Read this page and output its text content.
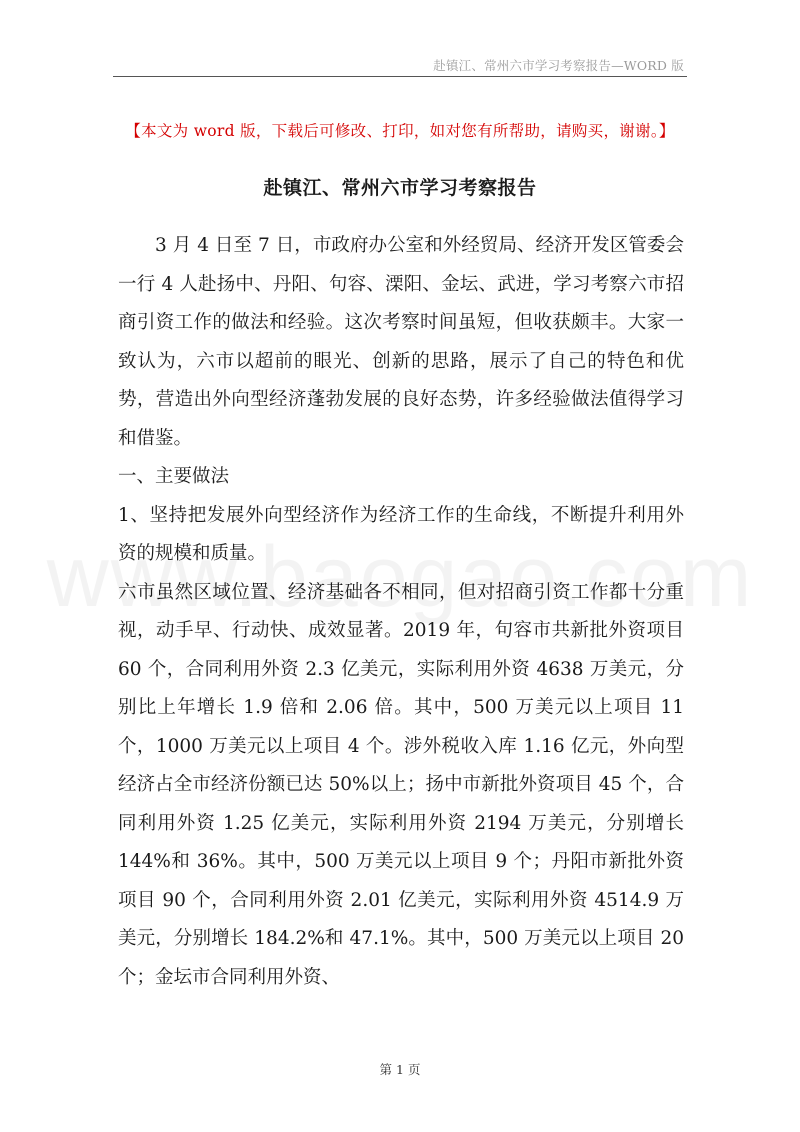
赴镇江、常州六市学习考察报告—WORD 版
【本文为 word 版，下载后可修改、打印，如对您有所帮助，请购买，谢谢。】
赴镇江、常州六市学习考察报告

3 月 4 日至 7 日，市政府办公室和外经贸局、经济开发区管委会一行 4 人赴扬中、丹阳、句容、溧阳、金坛、武进，学习考察六市招商引资工作的做法和经验。这次考察时间虽短，但收获颇丰。大家一致认为，六市以超前的眼光、创新的思路，展示了自己的特色和优势，营造出外向型经济蓬勃发展的良好态势，许多经验做法值得学习和借鉴。

一、主要做法

1、坚持把发展外向型经济作为经济工作的生命线，不断提升利用外资的规模和质量。

六市虽然区域位置、经济基础各不相同，但对招商引资工作都十分重视，动手早、行动快、成效显著。2019 年，句容市共新批外资项目 60 个，合同利用外资 2.3 亿美元，实际利用外资 4638 万美元，分别比上年增长 1.9 倍和 2.06 倍。其中，500 万美元以上项目 11 个，1000 万美元以上项目 4 个。涉外税收入库 1.16 亿元，外向型经济占全市经济份额已达 50%以上；扬中市新批外资项目 45 个，合同利用外资 1.25 亿美元，实际利用外资 2194 万美元，分别增长 144%和 36%。其中，500 万美元以上项目 9 个；丹阳市新批外资项目 90 个，合同利用外资 2.01 亿美元，实际利用外资 4514.9 万美元，分别增长 184.2%和 47.1%。其中，500 万美元以上项目 20 个；金坛市合同利用外资、

第 1 页
